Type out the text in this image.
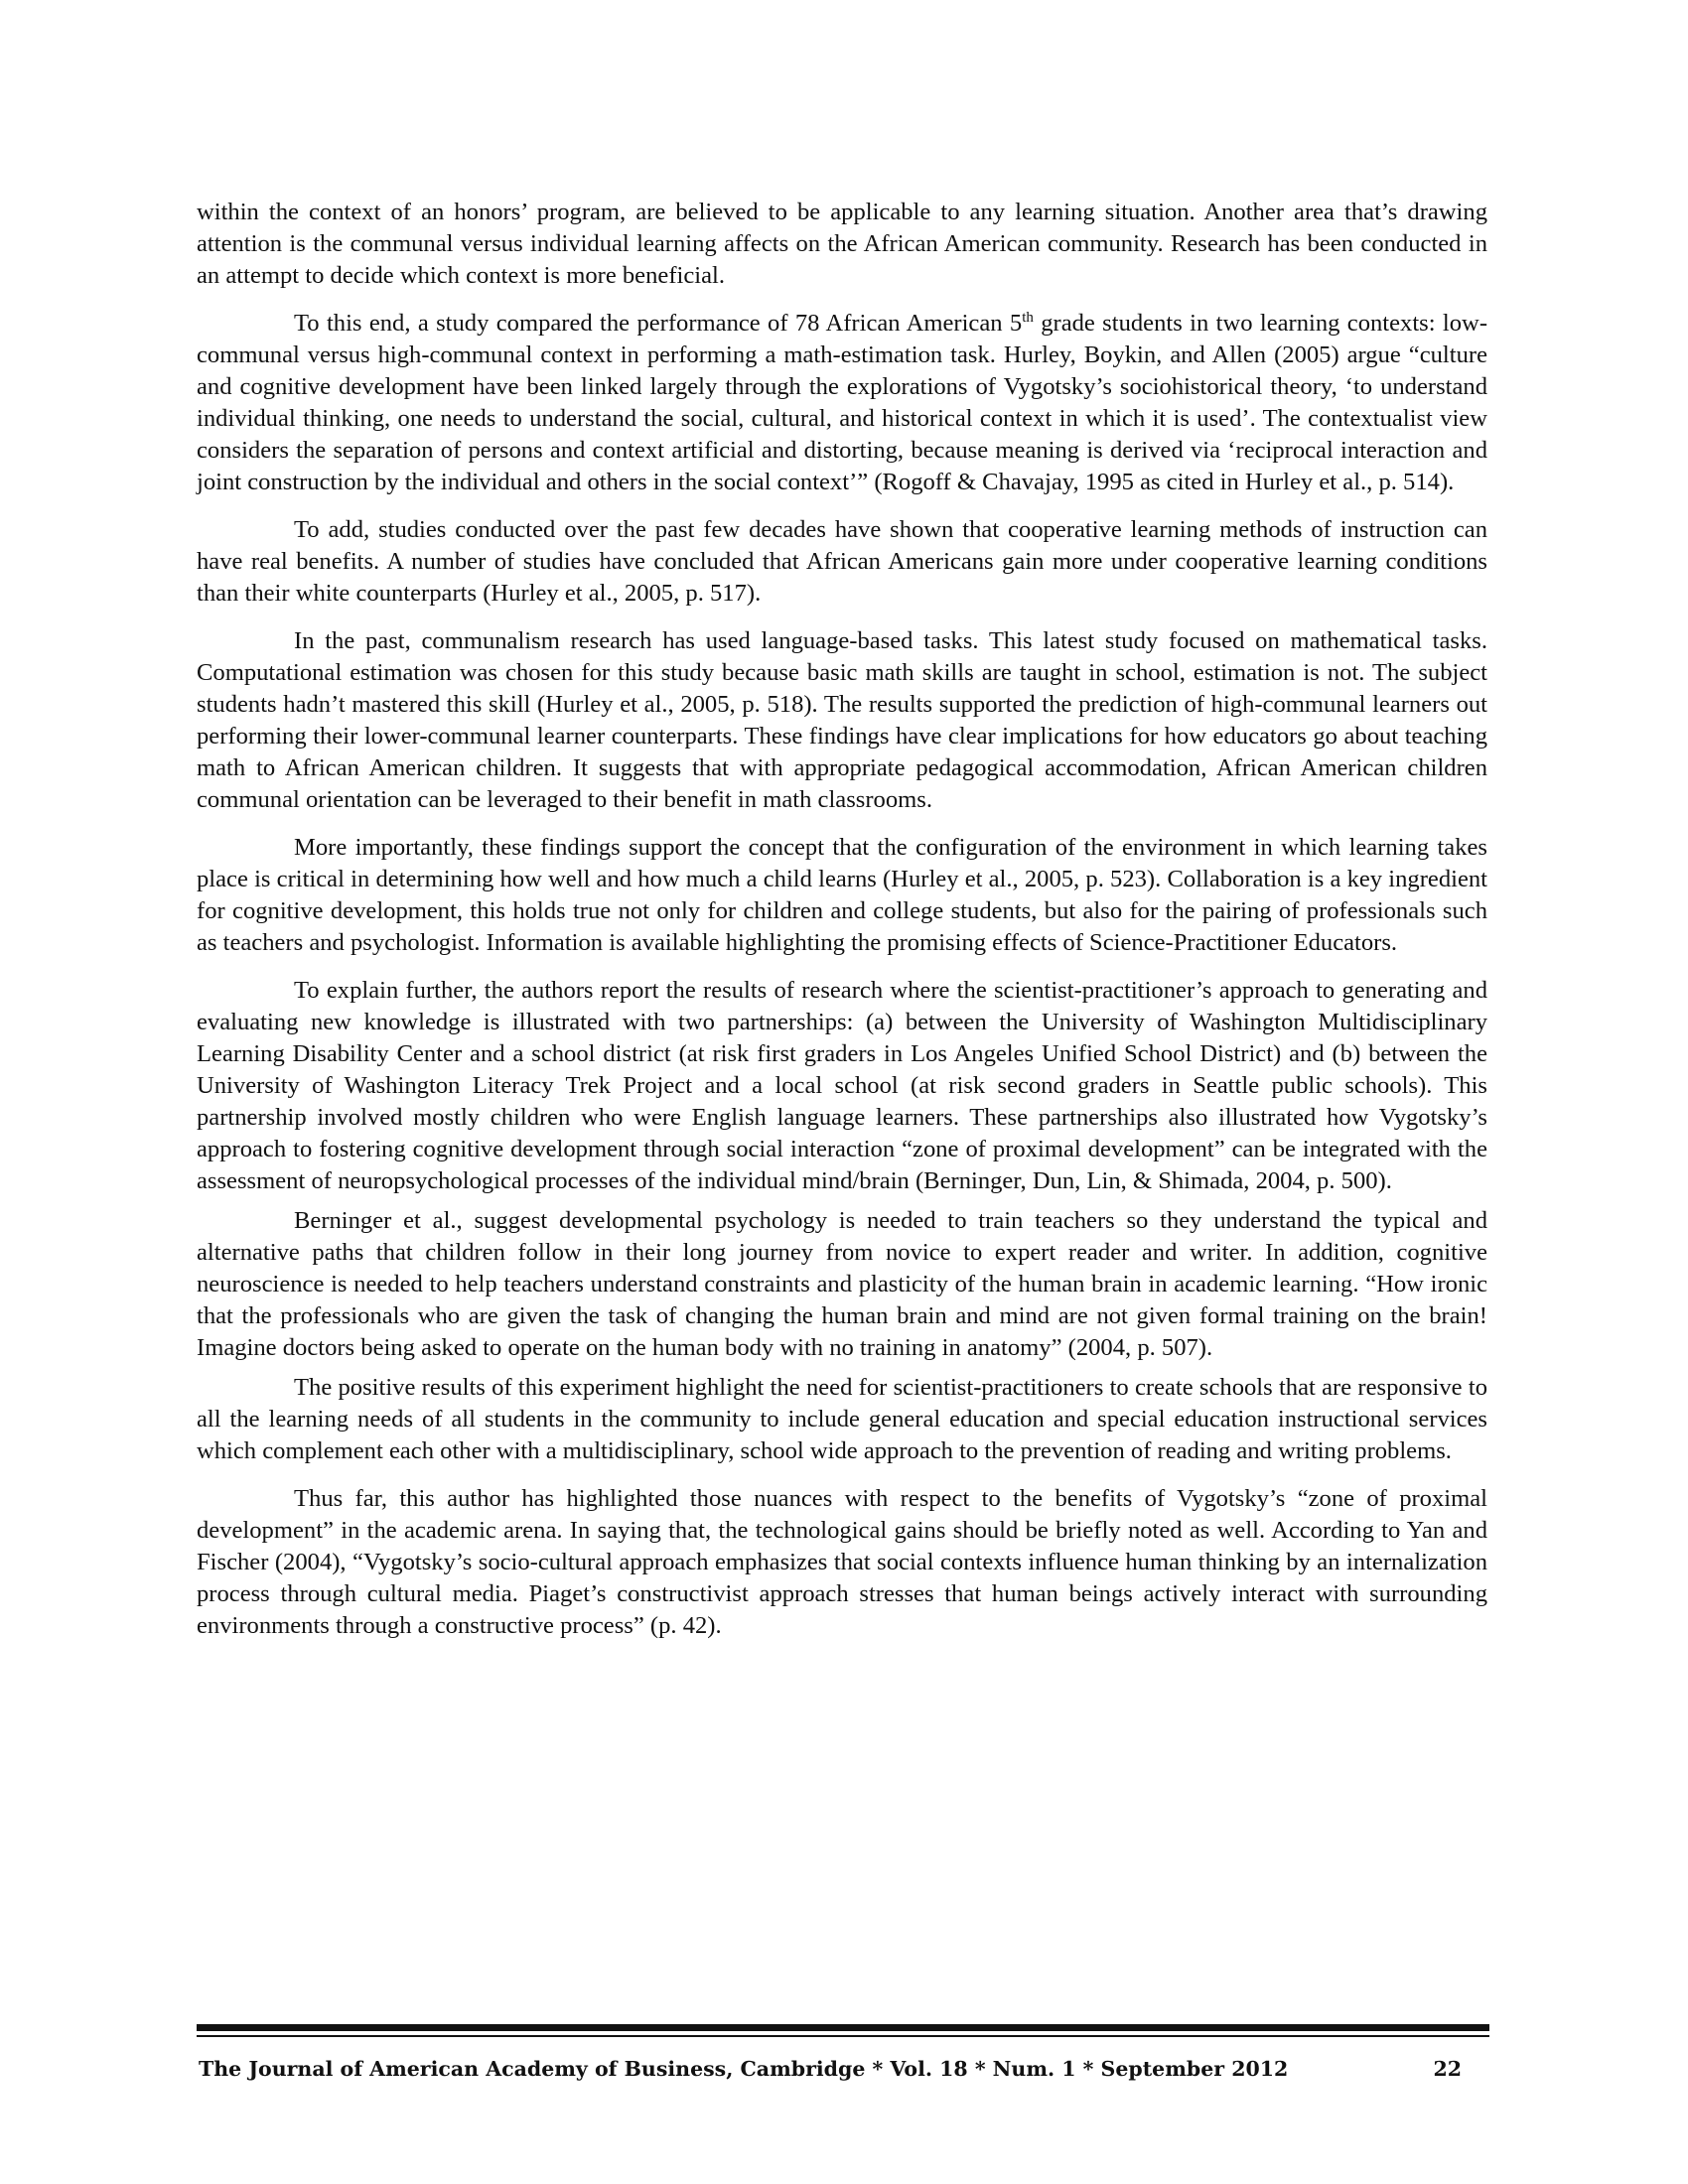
within the context of an honors’ program, are believed to be applicable to any learning situation. Another area that’s drawing attention is the communal versus individual learning affects on the African American community. Research has been conducted in an attempt to decide which context is more beneficial.

To this end, a study compared the performance of 78 African American 5th grade students in two learning contexts: low-communal versus high-communal context in performing a math-estimation task. Hurley, Boykin, and Allen (2005) argue “culture and cognitive development have been linked largely through the explorations of Vygotsky’s sociohistorical theory, ‘to understand individual thinking, one needs to understand the social, cultural, and historical context in which it is used’. The contextualist view considers the separation of persons and context artificial and distorting, because meaning is derived via ‘reciprocal interaction and joint construction by the individual and others in the social context’” (Rogoff & Chavajay, 1995 as cited in Hurley et al., p. 514).

To add, studies conducted over the past few decades have shown that cooperative learning methods of instruction can have real benefits. A number of studies have concluded that African Americans gain more under cooperative learning conditions than their white counterparts (Hurley et al., 2005, p. 517).

In the past, communalism research has used language-based tasks. This latest study focused on mathematical tasks. Computational estimation was chosen for this study because basic math skills are taught in school, estimation is not. The subject students hadn’t mastered this skill (Hurley et al., 2005, p. 518). The results supported the prediction of high-communal learners out performing their lower-communal learner counterparts. These findings have clear implications for how educators go about teaching math to African American children. It suggests that with appropriate pedagogical accommodation, African American children communal orientation can be leveraged to their benefit in math classrooms.

More importantly, these findings support the concept that the configuration of the environment in which learning takes place is critical in determining how well and how much a child learns (Hurley et al., 2005, p. 523). Collaboration is a key ingredient for cognitive development, this holds true not only for children and college students, but also for the pairing of professionals such as teachers and psychologist. Information is available highlighting the promising effects of Science-Practitioner Educators.

To explain further, the authors report the results of research where the scientist-practitioner’s approach to generating and evaluating new knowledge is illustrated with two partnerships: (a) between the University of Washington Multidisciplinary Learning Disability Center and a school district (at risk first graders in Los Angeles Unified School District) and (b) between the University of Washington Literacy Trek Project and a local school (at risk second graders in Seattle public schools). This partnership involved mostly children who were English language learners. These partnerships also illustrated how Vygotsky’s approach to fostering cognitive development through social interaction “zone of proximal development” can be integrated with the assessment of neuropsychological processes of the individual mind/brain (Berninger, Dun, Lin, & Shimada, 2004, p. 500).

Berninger et al., suggest developmental psychology is needed to train teachers so they understand the typical and alternative paths that children follow in their long journey from novice to expert reader and writer. In addition, cognitive neuroscience is needed to help teachers understand constraints and plasticity of the human brain in academic learning. “How ironic that the professionals who are given the task of changing the human brain and mind are not given formal training on the brain! Imagine doctors being asked to operate on the human body with no training in anatomy” (2004, p. 507).

The positive results of this experiment highlight the need for scientist-practitioners to create schools that are responsive to all the learning needs of all students in the community to include general education and special education instructional services which complement each other with a multidisciplinary, school wide approach to the prevention of reading and writing problems.

Thus far, this author has highlighted those nuances with respect to the benefits of Vygotsky’s “zone of proximal development” in the academic arena. In saying that, the technological gains should be briefly noted as well. According to Yan and Fischer (2004), “Vygotsky’s socio-cultural approach emphasizes that social contexts influence human thinking by an internalization process through cultural media. Piaget’s constructivist approach stresses that human beings actively interact with surrounding environments through a constructive process” (p. 42).

The Journal of American Academy of Business, Cambridge * Vol. 18 * Num. 1 * September 2012	22
